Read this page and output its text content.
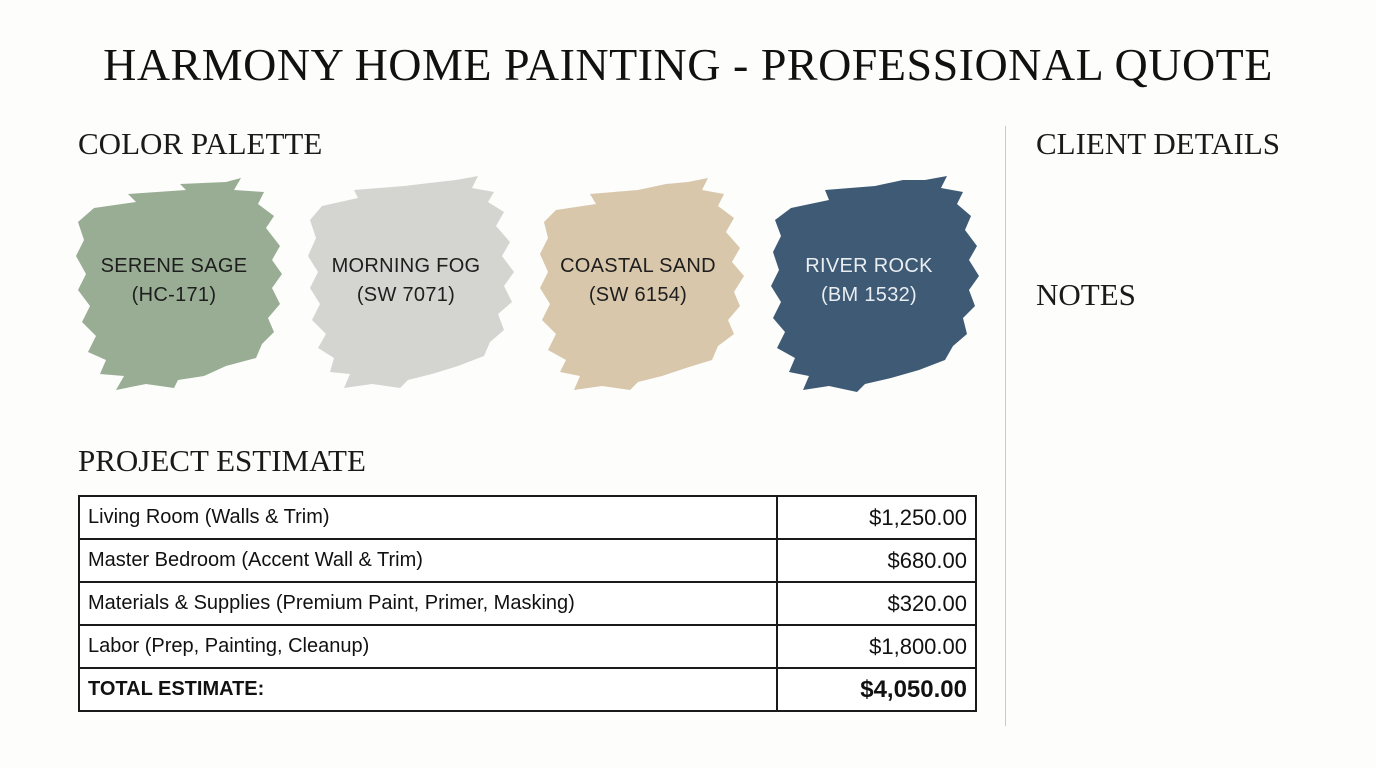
HARMONY HOME PAINTING - PROFESSIONAL QUOTE
COLOR PALETTE
SERENE SAGE
(HC-171)
MORNING FOG
(SW 7071)
COASTAL SAND
(SW 6154)
RIVER ROCK
(BM 1532)
PROJECT ESTIMATE
Living Room (Walls & Trim)	$1,250.00
Master Bedroom (Accent Wall & Trim)	$680.00
Materials & Supplies (Premium Paint, Primer, Masking)	$320.00
Labor (Prep, Painting, Cleanup)	$1,800.00
TOTAL ESTIMATE:	$4,050.00
CLIENT DETAILS
NOTES
